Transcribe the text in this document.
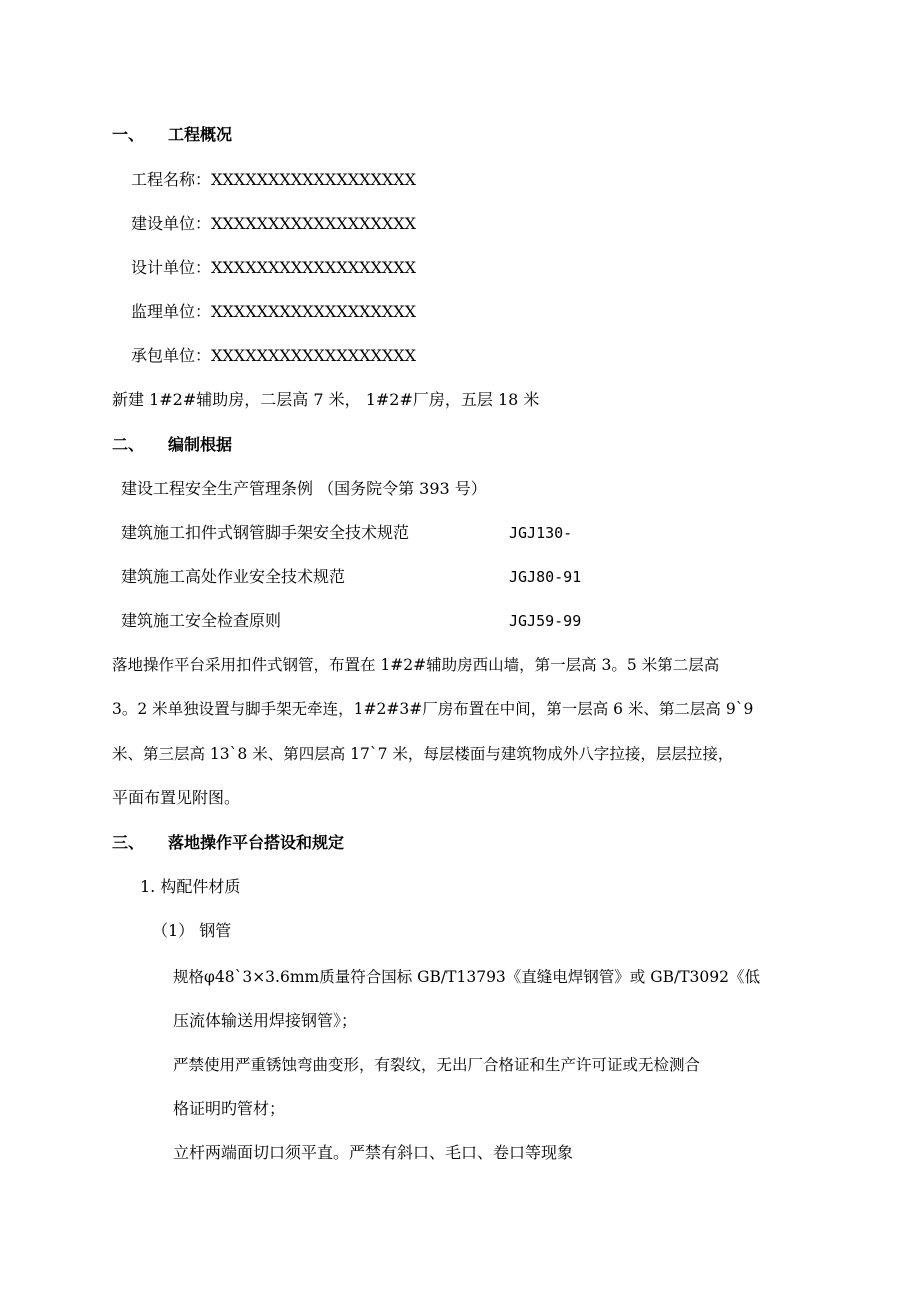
一、 工程概况
工程名称：XXXXXXXXXXXXXXXXXX
建设单位：XXXXXXXXXXXXXXXXXX
设计单位：XXXXXXXXXXXXXXXXXX
监理单位：XXXXXXXXXXXXXXXXXX
承包单位：XXXXXXXXXXXXXXXXXX
新建 1#2#辅助房，二层高 7 米， 1#2#厂房，五层 18 米
二、 编制根据
建设工程安全生产管理条例 （国务院令第 393 号）
建筑施工扣件式钢管脚手架安全技术规范	JGJ130-
建筑施工高处作业安全技术规范	JGJ80-91
建筑施工安全检查原则	JGJ59-99
落地操作平台采用扣件式钢管，布置在 1#2#辅助房西山墙，第一层高 3。5 米第二层高
3。2 米单独设置与脚手架无牵连，1#2#3#厂房布置在中间，第一层高 6 米、第二层高 9`9
米、第三层高 13`8 米、第四层高 17`7 米，每层楼面与建筑物成外八字拉接，层层拉接，
平面布置见附图。
三、 落地操作平台搭设和规定
1. 构配件材质
（1） 钢管
规格φ48`3×3.6mm质量符合国标 GB/T13793《直缝电焊钢管》或 GB/T3092《低
压流体输送用焊接钢管》；
严禁使用严重锈蚀弯曲变形，有裂纹，无出厂合格证和生产许可证或无检测合
格证明旳管材；
立杆两端面切口须平直。严禁有斜口、毛口、卷口等现象
